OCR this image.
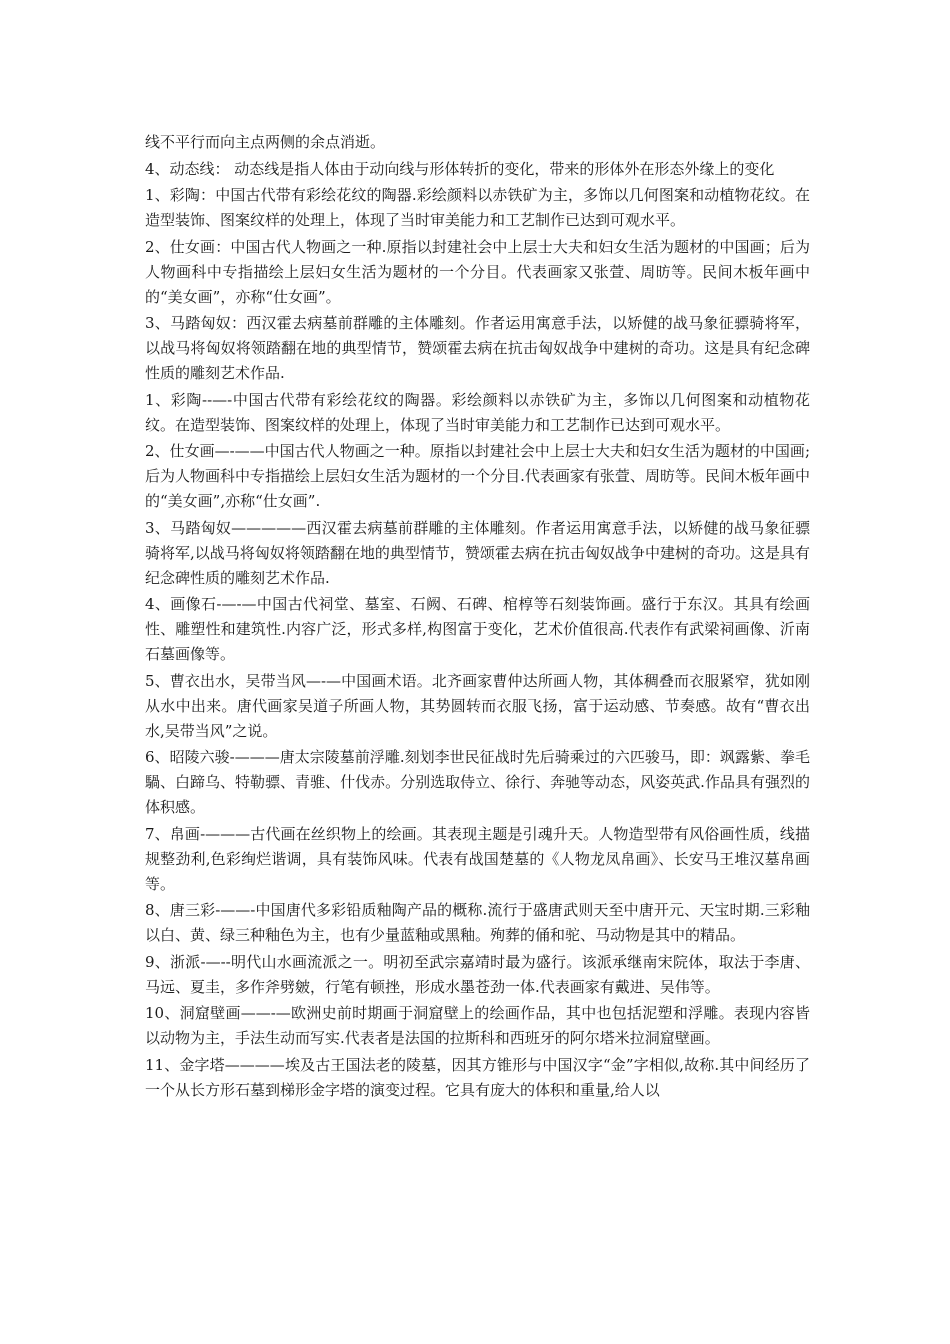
线不平行而向主点两侧的余点消逝。

4、动态线： 动态线是指人体由于动向线与形体转折的变化，带来的形体外在形态外缘上的变化

1、彩陶：中国古代带有彩绘花纹的陶器.彩绘颜料以赤铁矿为主，多饰以几何图案和动植物花纹。在造型装饰、图案纹样的处理上，体现了当时审美能力和工艺制作已达到可观水平。

2、仕女画：中国古代人物画之一种.原指以封建社会中上层士大夫和妇女生活为题材的中国画；后为人物画科中专指描绘上层妇女生活为题材的一个分目。代表画家又张萱、周昉等。民间木板年画中的“美女画”，亦称“仕女画”。

3、马踏匈奴：西汉霍去病墓前群雕的主体雕刻。作者运用寓意手法，以矫健的战马象征骠骑将军，以战马将匈奴将领踏翻在地的典型情节，赞颂霍去病在抗击匈奴战争中建树的奇功。这是具有纪念碑性质的雕刻艺术作品.

1、彩陶--—-中国古代带有彩绘花纹的陶器。彩绘颜料以赤铁矿为主，多饰以几何图案和动植物花纹。在造型装饰、图案纹样的处理上，体现了当时审美能力和工艺制作已达到可观水平。

2、仕女画—-——中国古代人物画之一种。原指以封建社会中上层士大夫和妇女生活为题材的中国画;后为人物画科中专指描绘上层妇女生活为题材的一个分目.代表画家有张萱、周昉等。民间木板年画中的“美女画”,亦称“仕女画”.

3、马踏匈奴—————西汉霍去病墓前群雕的主体雕刻。作者运用寓意手法，以矫健的战马象征骠骑将军,以战马将匈奴将领踏翻在地的典型情节，赞颂霍去病在抗击匈奴战争中建树的奇功。这是具有纪念碑性质的雕刻艺术作品.

4、画像石-—-—中国古代祠堂、墓室、石阙、石碑、棺椁等石刻装饰画。盛行于东汉。其具有绘画性、雕塑性和建筑性.内容广泛，形式多样,构图富于变化，艺术价值很高.代表作有武梁祠画像、沂南石墓画像等。

5、曹衣出水，吴带当风—-—中国画术语。北齐画家曹仲达所画人物，其体稠叠而衣服紧窄，犹如刚从水中出来。唐代画家吴道子所画人物，其势圆转而衣服飞扬，富于运动感、节奏感。故有“曹衣出水,吴带当风”之说。

6、昭陵六骏-———唐太宗陵墓前浮雕.刻划李世民征战时先后骑乘过的六匹骏马，即：飒露紫、拳毛騧、白蹄乌、特勒骠、青骓、什伐赤。分别选取侍立、徐行、奔驰等动态，风姿英武.作品具有强烈的体积感。

7、帛画-———古代画在丝织物上的绘画。其表现主题是引魂升天。人物造型带有风俗画性质，线描规整劲利,色彩绚烂谐调，具有装饰风味。代表有战国楚墓的《人物龙凤帛画》、长安马王堆汉墓帛画等。

8、唐三彩-——-中国唐代多彩铅质釉陶产品的概称.流行于盛唐武则天至中唐开元、天宝时期.三彩釉以白、黄、绿三种釉色为主，也有少量蓝釉或黑釉。殉葬的俑和驼、马动物是其中的精品。

9、浙派-—--明代山水画流派之一。明初至武宗嘉靖时最为盛行。该派承继南宋院体，取法于李唐、马远、夏圭，多作斧劈皴，行笔有顿挫，形成水墨苍劲一体.代表画家有戴进、吴伟等。

10、洞窟壁画——-—欧洲史前时期画于洞窟壁上的绘画作品，其中也包括泥塑和浮雕。表现内容皆以动物为主，手法生动而写实.代表者是法国的拉斯科和西班牙的阿尔塔米拉洞窟壁画。

11、金字塔————埃及古王国法老的陵墓，因其方锥形与中国汉字“金”字相似,故称.其中间经历了一个从长方形石墓到梯形金字塔的演变过程。它具有庞大的体积和重量,给人以
